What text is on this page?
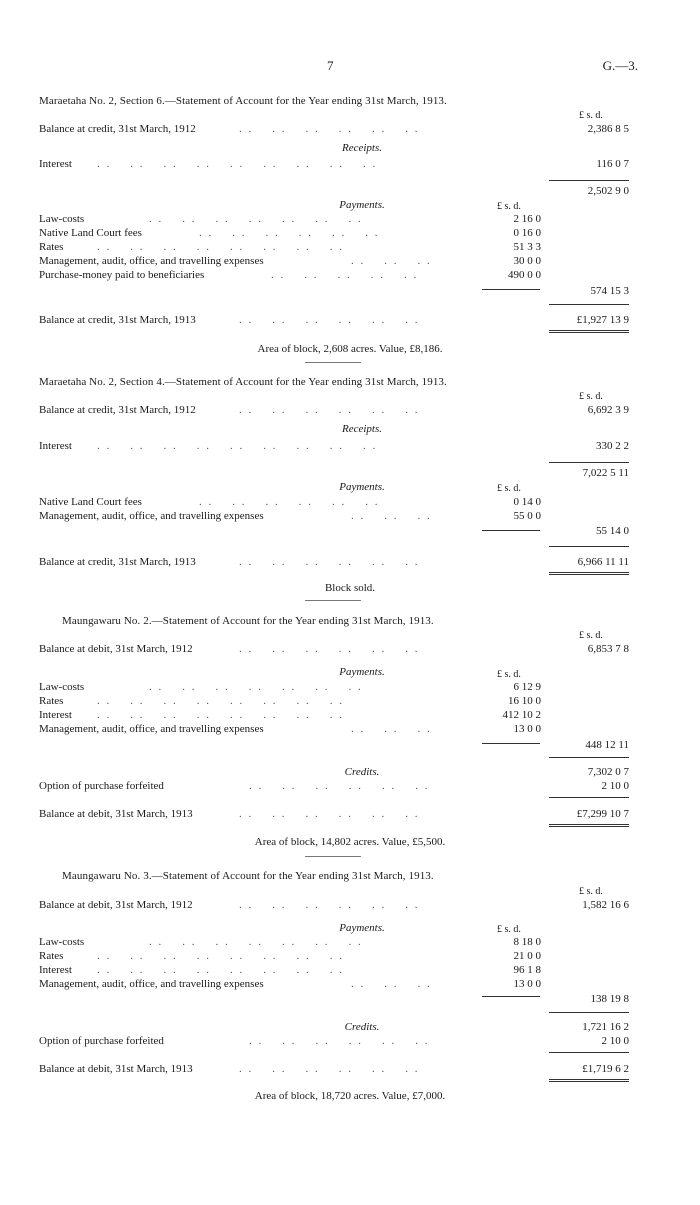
7	G.—3.
Maraetaha No. 2, Section 6.—Statement of Account for the Year ending 31st March, 1913.
£ s. d.
Balance at credit, 31st March, 1912	. .    . .    . .    . .    . .    . .	2,386 8 5
Receipts.
Interest . .    . .    . .    . .    . .    . .    . .    . .    . .	116 0 7
2,502 9 0
Payments.	£ s. d.
Law-costs	. .    . .    . .    . .    . .    . .    . .	2 16 0
Native Land Court fees	. .    . .    . .    . .    . .    . .	0 16 0
Rates	. .    . .    . .    . .    . .    . .    . .    . .	51 3 3
Management, audit, office, and travelling expenses	. .    . .    . .	30 0 0
Purchase-money paid to beneficiaries	. .    . .    . .    . .    . .	490 0 0
574 15 3
Balance at credit, 31st March, 1913	. .    . .    . .    . .    . .    . .	£1,927 13 9
Area of block, 2,608 acres. Value, £8,186.
Maraetaha No. 2, Section 4.—Statement of Account for the Year ending 31st March, 1913.
£ s. d.
Balance at credit, 31st March, 1912	. .    . .    . .    . .    . .    . .	6,692 3 9
Receipts.
Interest . .    . .    . .    . .    . .    . .    . .    . .    . .	330 2 2
7,022 5 11
Payments.	£ s. d.
Native Land Court fees	. .    . .    . .    . .    . .    . .	0 14 0
Management, audit, office, and travelling expenses	. .    . .    . .	55 0 0
55 14 0
Balance at credit, 31st March, 1913	. .    . .    . .    . .    . .    . .	6,966 11 11
Block sold.
Maungawaru No. 2.—Statement of Account for the Year ending 31st March, 1913.
£ s. d.
Balance at debit, 31st March, 1912	. .    . .    . .    . .    . .    . .	6,853 7 8
Payments.	£ s. d.
Law-costs	. .    . .    . .    . .    . .    . .    . .	6 12 9
Rates	. .    . .    . .    . .    . .    . .    . .    . .	16 10 0
Interest . .    . .    . .    . .    . .    . .    . .    . .	412 10 2
Management, audit, office, and travelling expenses	. .    . .    . .	13 0 0
448 12 11
Credits.	7,302 0 7
Option of purchase forfeited	. .    . .    . .    . .    . .    . .	2 10 0
Balance at debit, 31st March, 1913	. .    . .    . .    . .    . .    . .	£7,299 10 7
Area of block, 14,802 acres. Value, £5,500.
Maungawaru No. 3.—Statement of Account for the Year ending 31st March, 1913.
£ s. d.
Balance at debit, 31st March, 1912	. .    . .    . .    . .    . .    . .	1,582 16 6
Payments.	£ s. d.
Law-costs	. .    . .    . .    . .    . .    . .    . .	8 18 0
Rates	. .    . .    . .    . .    . .    . .    . .    . .	21 0 0
Interest . .    . .    . .    . .    . .    . .    . .    . .	96 1 8
Management, audit, office, and travelling expenses	. .    . .    . .	13 0 0
138 19 8
Credits.	1,721 16 2
Option of purchase forfeited	. .    . .    . .    . .    . .    . .	2 10 0
Balance at debit, 31st March, 1913	. .    . .    . .    . .    . .    . .	£1,719 6 2
Area of block, 18,720 acres. Value, £7,000.
